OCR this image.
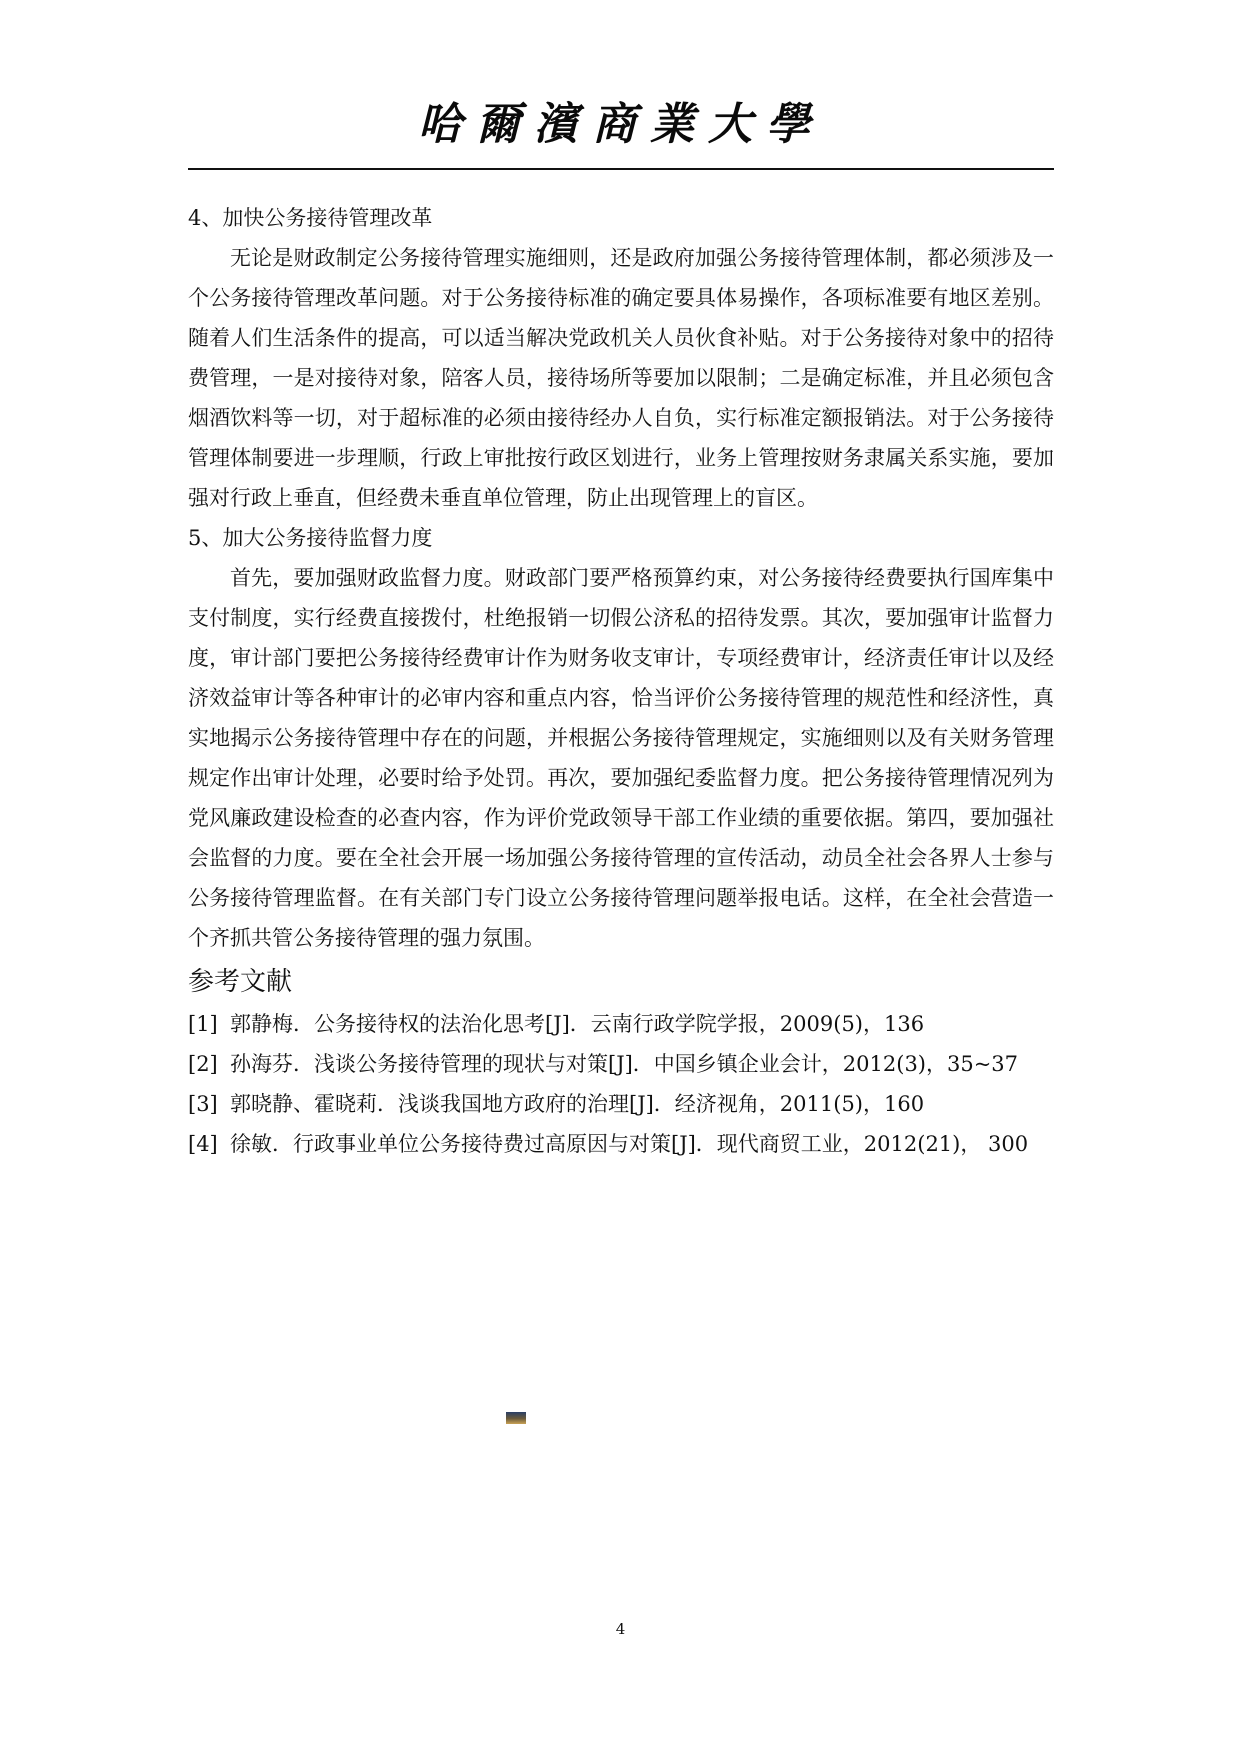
哈爾濱商業大學
4、加快公务接待管理改革

无论是财政制定公务接待管理实施细则，还是政府加强公务接待管理体制，都必须涉及一个公务接待管理改革问题。对于公务接待标准的确定要具体易操作，各项标准要有地区差别。随着人们生活条件的提高，可以适当解决党政机关人员伙食补贴。对于公务接待对象中的招待费管理，一是对接待对象，陪客人员，接待场所等要加以限制；二是确定标准，并且必须包含烟酒饮料等一切，对于超标准的必须由接待经办人自负，实行标准定额报销法。对于公务接待管理体制要进一步理顺，行政上审批按行政区划进行，业务上管理按财务隶属关系实施，要加强对行政上垂直，但经费未垂直单位管理，防止出现管理上的盲区。

5、加大公务接待监督力度

首先，要加强财政监督力度。财政部门要严格预算约束，对公务接待经费要执行国库集中支付制度，实行经费直接拨付，杜绝报销一切假公济私的招待发票。其次，要加强审计监督力度，审计部门要把公务接待经费审计作为财务收支审计，专项经费审计，经济责任审计以及经济效益审计等各种审计的必审内容和重点内容，恰当评价公务接待管理的规范性和经济性，真实地揭示公务接待管理中存在的问题，并根据公务接待管理规定，实施细则以及有关财务管理规定作出审计处理，必要时给予处罚。再次，要加强纪委监督力度。把公务接待管理情况列为党风廉政建设检查的必查内容，作为评价党政领导干部工作业绩的重要依据。第四，要加强社会监督的力度。要在全社会开展一场加强公务接待管理的宣传活动，动员全社会各界人士参与公务接待管理监督。在有关部门专门设立公务接待管理问题举报电话。这样，在全社会营造一个齐抓共管公务接待管理的强力氛围。

参考文献
[1] 郭静梅．公务接待权的法治化思考[J]．云南行政学院学报，2009(5)，136
[2] 孙海芬．浅谈公务接待管理的现状与对策[J]．中国乡镇企业会计，2012(3)，35~37
[3] 郭晓静、霍晓莉．浅谈我国地方政府的治理[J]．经济视角，2011(5)，160
[4] 徐敏．行政事业单位公务接待费过高原因与对策[J]．现代商贸工业，2012(21)， 300
4
